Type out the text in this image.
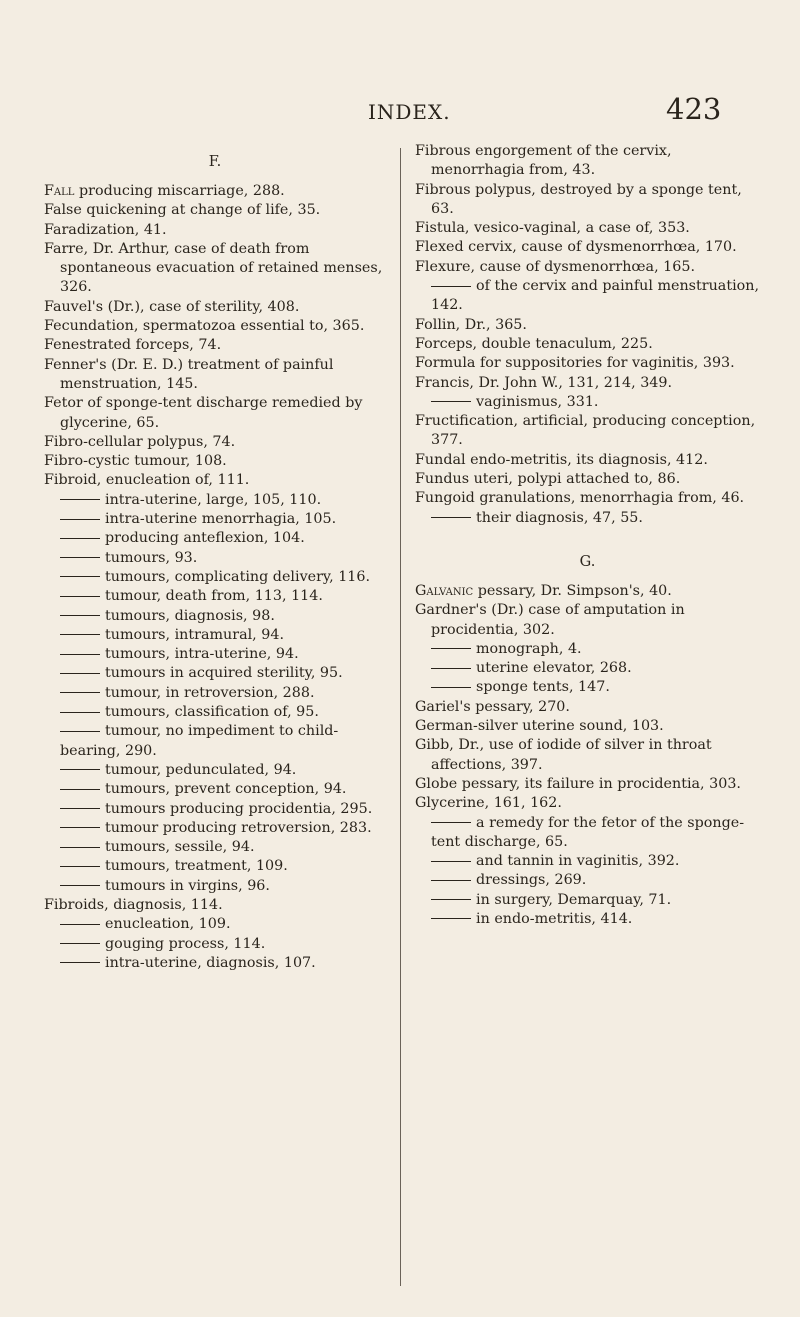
INDEX.	423
F.

Fall producing miscarriage, 288.

False quickening at change of life, 35.

Faradization, 41.

Farre, Dr. Arthur, case of death from spontaneous evacuation of retained menses, 326.

Fauvel's (Dr.), case of sterility, 408.

Fecundation, spermatozoa essential to, 365.

Fenestrated forceps, 74.

Fenner's (Dr. E. D.) treatment of painful menstruation, 145.

Fetor of sponge-tent discharge remedied by glycerine, 65.

Fibro-cellular polypus, 74.

Fibro-cystic tumour, 108.

Fibroid, enucleation of, 111.

intra-uterine, large, 105, 110.

intra-uterine menorrhagia, 105.

producing anteflexion, 104.

tumours, 93.

tumours, complicating delivery, 116.

tumour, death from, 113, 114.

tumours, diagnosis, 98.

tumours, intramural, 94.

tumours, intra-uterine, 94.

tumours in acquired sterility, 95.

tumour, in retroversion, 288.

tumours, classification of, 95.

tumour, no impediment to child-bearing, 290.

tumour, pedunculated, 94.

tumours, prevent conception, 94.

tumours producing procidentia, 295.

tumour producing retroversion, 283.

tumours, sessile, 94.

tumours, treatment, 109.

tumours in virgins, 96.

Fibroids, diagnosis, 114.

enucleation, 109.

gouging process, 114.

intra-uterine, diagnosis, 107.

Fibrous engorgement of the cervix, menorrhagia from, 43.

Fibrous polypus, destroyed by a sponge tent, 63.

Fistula, vesico-vaginal, a case of, 353.

Flexed cervix, cause of dysmenorrhœa, 170.

Flexure, cause of dysmenorrhœa, 165.

of the cervix and painful menstruation, 142.

Follin, Dr., 365.

Forceps, double tenaculum, 225.

Formula for suppositories for vaginitis, 393.

Francis, Dr. John W., 131, 214, 349.

vaginismus, 331.

Fructification, artificial, producing conception, 377.

Fundal endo-metritis, its diagnosis, 412.

Fundus uteri, polypi attached to, 86.

Fungoid granulations, menorrhagia from, 46.

their diagnosis, 47, 55.

G.

Galvanic pessary, Dr. Simpson's, 40.

Gardner's (Dr.) case of amputation in procidentia, 302.

monograph, 4.

uterine elevator, 268.

sponge tents, 147.

Gariel's pessary, 270.

German-silver uterine sound, 103.

Gibb, Dr., use of iodide of silver in throat affections, 397.

Globe pessary, its failure in procidentia, 303.

Glycerine, 161, 162.

a remedy for the fetor of the sponge-tent discharge, 65.

and tannin in vaginitis, 392.

dressings, 269.

in surgery, Demarquay, 71.

in endo-metritis, 414.
